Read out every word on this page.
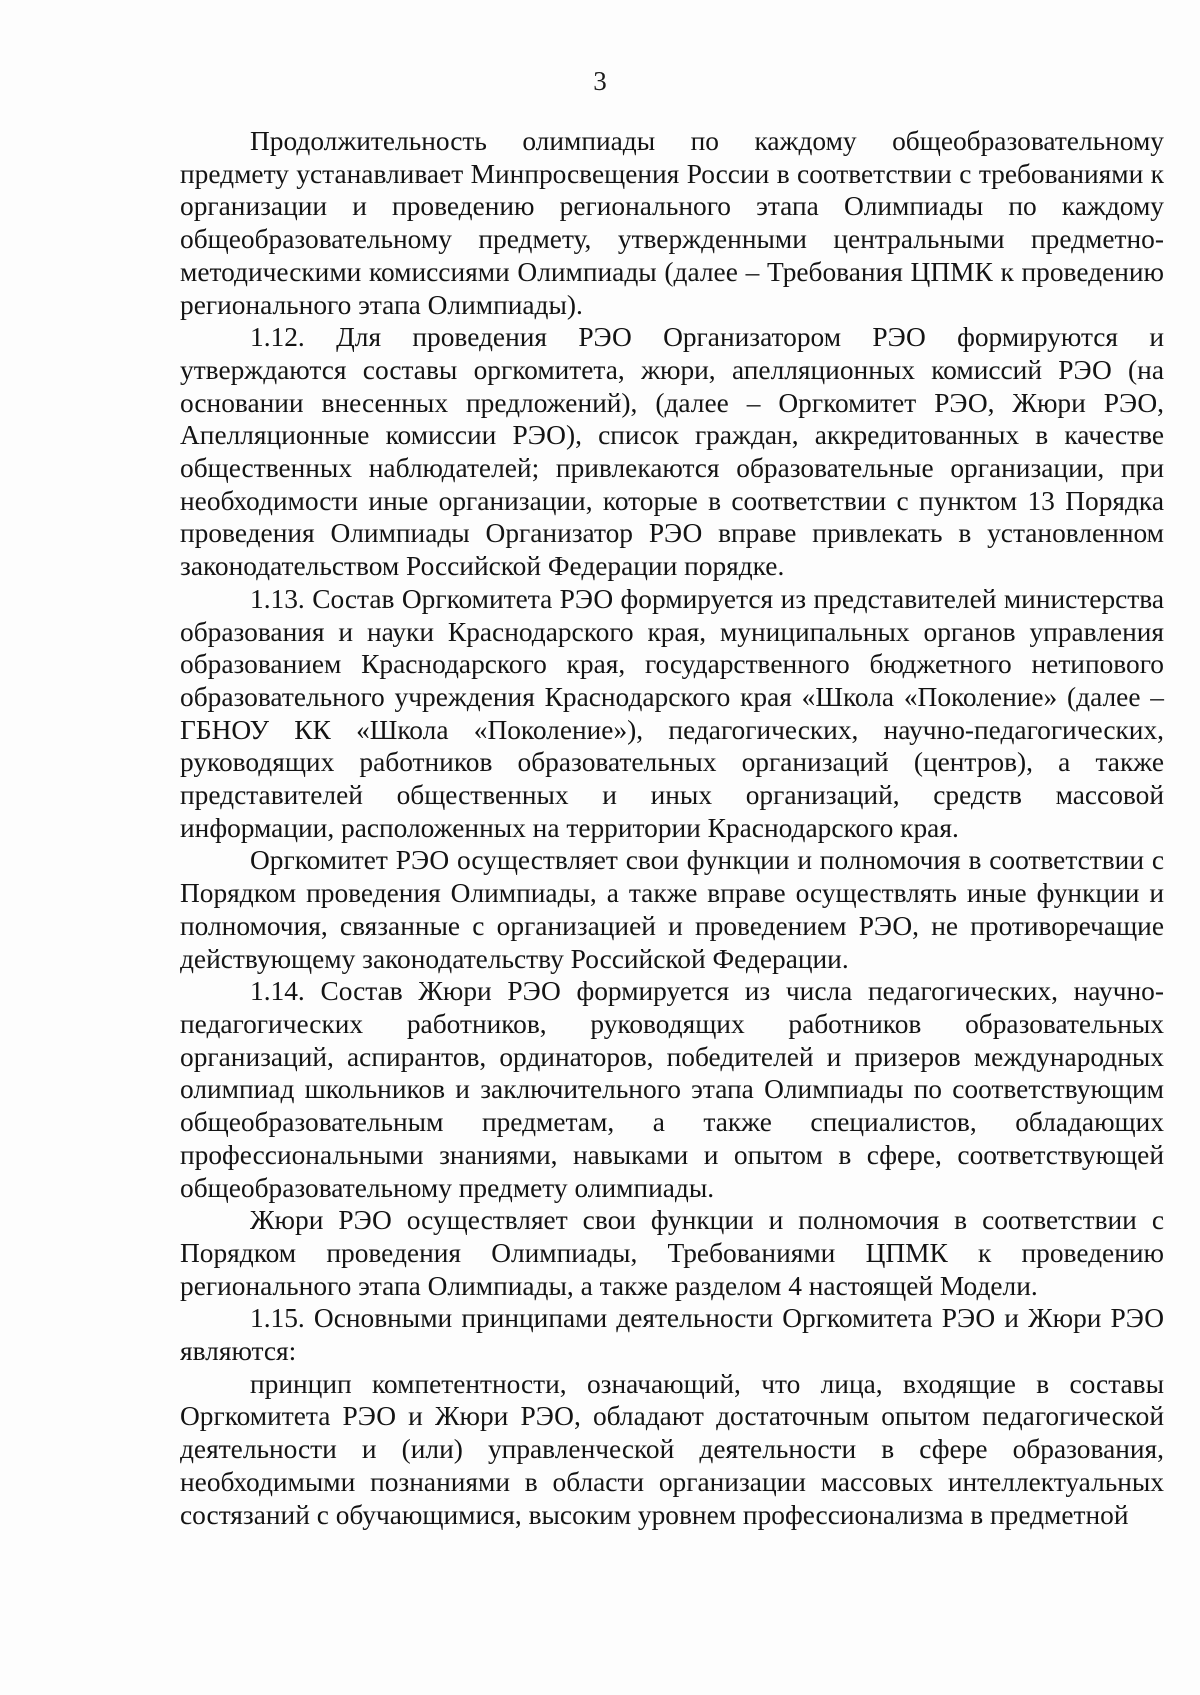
3

Продолжительность олимпиады по каждому общеобразовательному предмету устанавливает Минпросвещения России в соответствии с требованиями к организации и проведению регионального этапа Олимпиады по каждому общеобразовательному предмету, утвержденными центральными предметно-методическими комиссиями Олимпиады (далее – Требования ЦПМК к проведению регионального этапа Олимпиады).

1.12. Для проведения РЭО Организатором РЭО формируются и утверждаются составы оргкомитета, жюри, апелляционных комиссий РЭО (на основании внесенных предложений), (далее – Оргкомитет РЭО, Жюри РЭО, Апелляционные комиссии РЭО), список граждан, аккредитованных в качестве общественных наблюдателей; привлекаются образовательные организации, при необходимости иные организации, которые в соответствии с пунктом 13 Порядка проведения Олимпиады Организатор РЭО вправе привлекать в установленном законодательством Российской Федерации порядке.

1.13. Состав Оргкомитета РЭО формируется из представителей министерства образования и науки Краснодарского края, муниципальных органов управления образованием Краснодарского края, государственного бюджетного нетипового образовательного учреждения Краснодарского края «Школа «Поколение» (далее – ГБНОУ КК «Школа «Поколение»), педагогических, научно-педагогических, руководящих работников образовательных организаций (центров), а также представителей общественных и иных организаций, средств массовой информации, расположенных на территории Краснодарского края.

Оргкомитет РЭО осуществляет свои функции и полномочия в соответствии с Порядком проведения Олимпиады, а также вправе осуществлять иные функции и полномочия, связанные с организацией и проведением РЭО, не противоречащие действующему законодательству Российской Федерации.

1.14. Состав Жюри РЭО формируется из числа педагогических, научно-педагогических работников, руководящих работников образовательных организаций, аспирантов, ординаторов, победителей и призеров международных олимпиад школьников и заключительного этапа Олимпиады по соответствующим общеобразовательным предметам, а также специалистов, обладающих профессиональными знаниями, навыками и опытом в сфере, соответствующей общеобразовательному предмету олимпиады.

Жюри РЭО осуществляет свои функции и полномочия в соответствии с Порядком проведения Олимпиады, Требованиями ЦПМК к проведению регионального этапа Олимпиады, а также разделом 4 настоящей Модели.

1.15. Основными принципами деятельности Оргкомитета РЭО и Жюри РЭО являются:

принцип компетентности, означающий, что лица, входящие в составы Оргкомитета РЭО и Жюри РЭО, обладают достаточным опытом педагогической деятельности и (или) управленческой деятельности в сфере образования, необходимыми познаниями в области организации массовых интеллектуальных состязаний с обучающимися, высоким уровнем профессионализма в предметной
